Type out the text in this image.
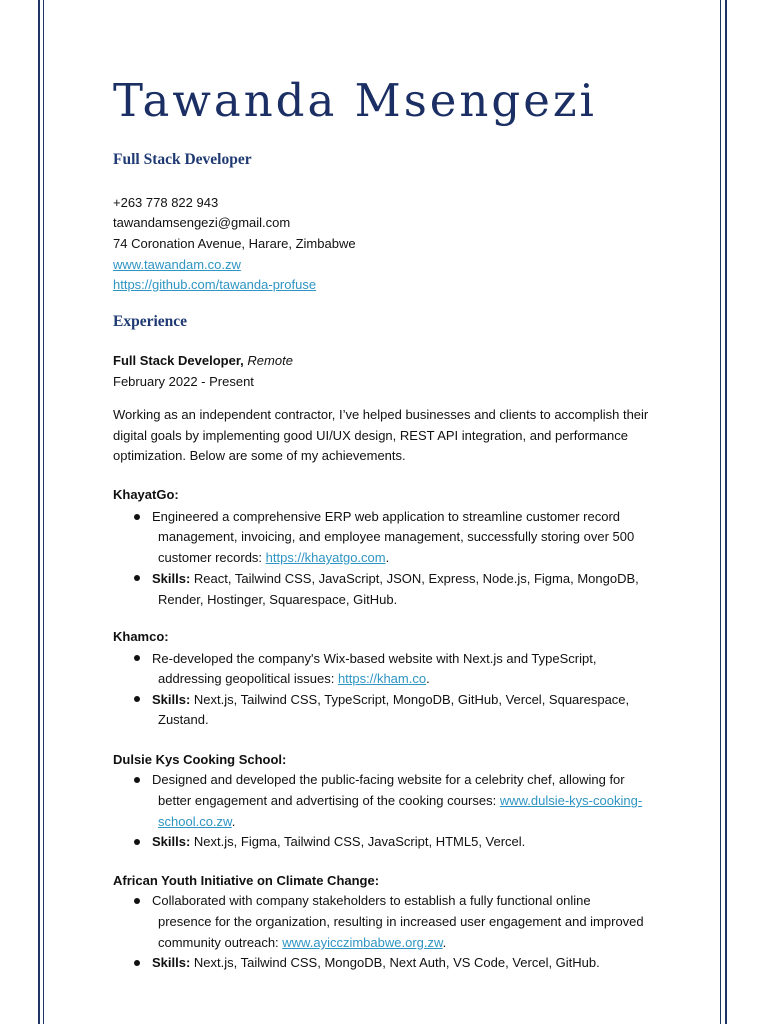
Tawanda Msengezi
Full Stack Developer
+263 778 822 943
tawandamsengezi@gmail.com
74 Coronation Avenue, Harare, Zimbabwe
www.tawandam.co.zw
https://github.com/tawanda-profuse
Experience
Full Stack Developer, Remote
February 2022 - Present
Working as an independent contractor, I’ve helped businesses and clients to accomplish their
digital goals by implementing good UI/UX design, REST API integration, and performance
optimization. Below are some of my achievements.
KhayatGo:
Engineered a comprehensive ERP web application to streamline customer record
management, invoicing, and employee management, successfully storing over 500
customer records: https://khayatgo.com.
Skills: React, Tailwind CSS, JavaScript, JSON, Express, Node.js, Figma, MongoDB,
Render, Hostinger, Squarespace, GitHub.
Khamco:
Re-developed the company's Wix-based website with Next.js and TypeScript,
addressing geopolitical issues: https://kham.co.
Skills: Next.js, Tailwind CSS, TypeScript, MongoDB, GitHub, Vercel, Squarespace,
Zustand.
Dulsie Kys Cooking School:
Designed and developed the public-facing website for a celebrity chef, allowing for
better engagement and advertising of the cooking courses: www.dulsie-kys-cooking-
school.co.zw.
Skills: Next.js, Figma, Tailwind CSS, JavaScript, HTML5, Vercel.
African Youth Initiative on Climate Change:
Collaborated with company stakeholders to establish a fully functional online
presence for the organization, resulting in increased user engagement and improved
community outreach: www.ayicczimbabwe.org.zw.
Skills: Next.js, Tailwind CSS, MongoDB, Next Auth, VS Code, Vercel, GitHub.
